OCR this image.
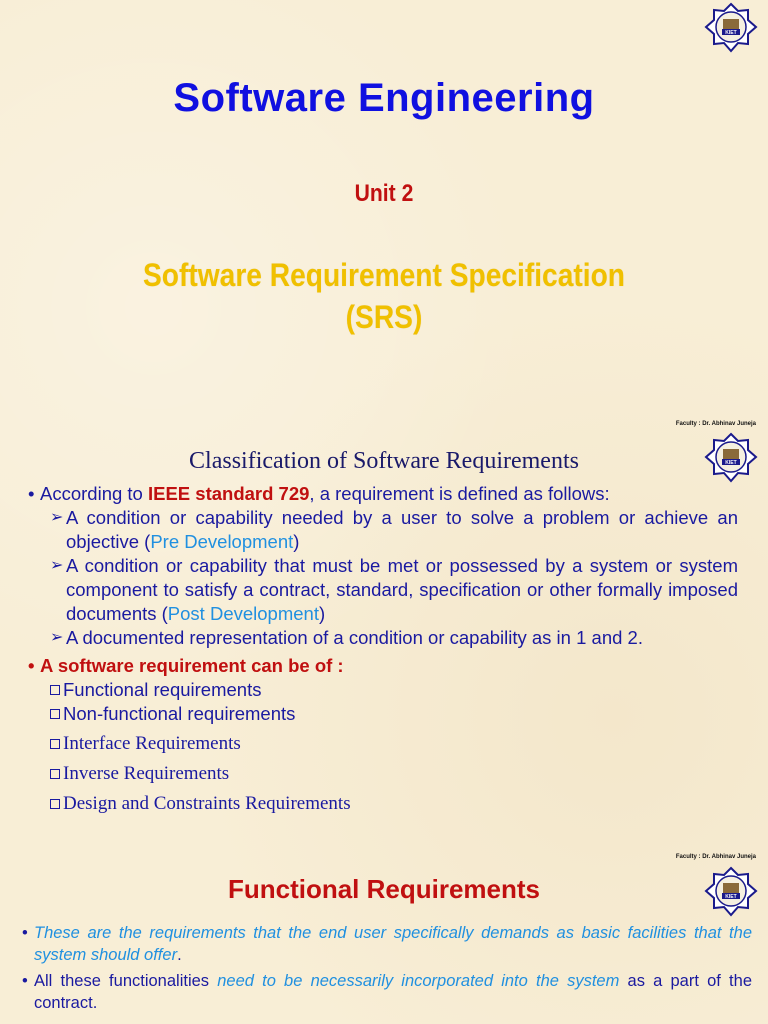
KIET
Software Engineering
Unit 2
Software Requirement Specification
(SRS)
Faculty : Dr. Abhinav Juneja
KIET
Classification of Software Requirements
• According to IEEE standard 729, a requirement is defined as follows:
➢ A condition or capability needed by a user to solve a problem or achieve an objective (Pre Development)
➢ A condition or capability that must be met or possessed by a system or system component to satisfy a contract, standard, specification or other formally imposed documents (Post Development)
➢ A documented representation of a condition or capability as in 1 and 2.
• A software requirement can be of :
Functional requirements
Non-functional requirements
Interface Requirements
Inverse Requirements
Design and Constraints Requirements
Faculty : Dr. Abhinav Juneja
KIET
Functional Requirements
• These are the requirements that the end user specifically demands as basic facilities that the system should offer.
• All these functionalities need to be necessarily incorporated into the system as a part of the contract.
